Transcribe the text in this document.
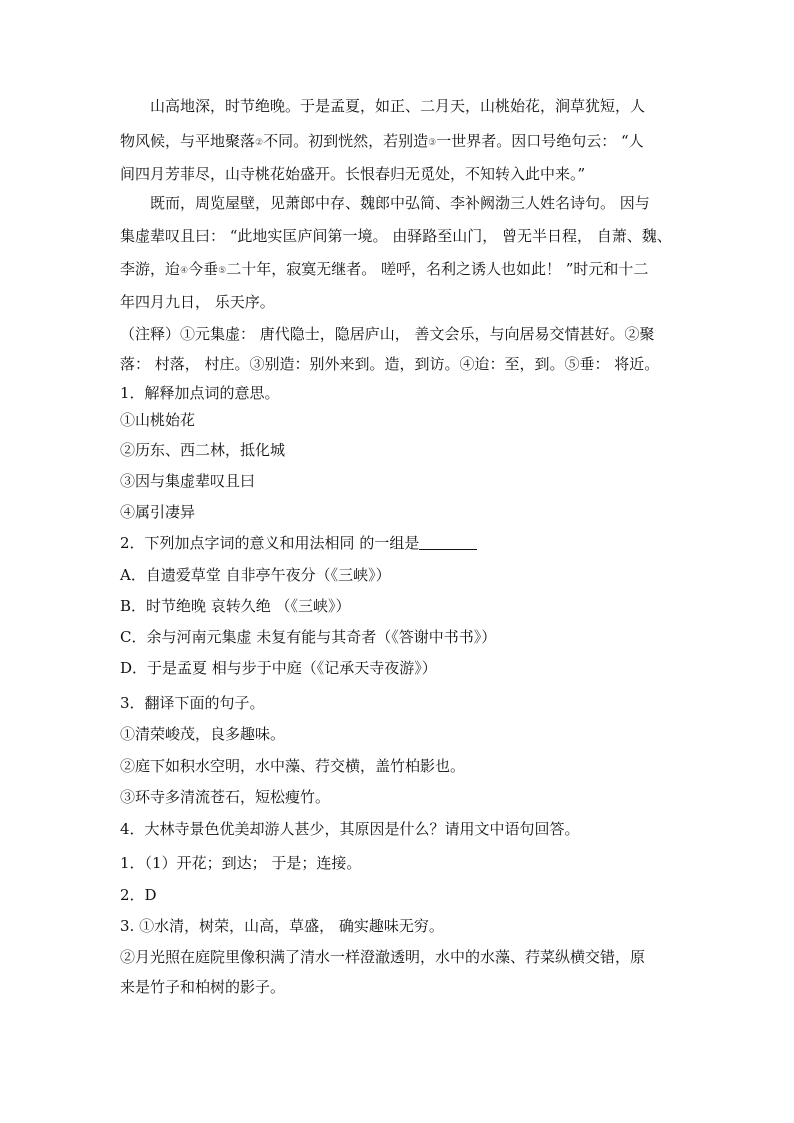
山高地深，时节绝晚。于是孟夏，如正、二月天，山桃始花，涧草犹短，人
物风候，与平地聚落②不同。初到恍然，若别造③一世界者。因口号绝句云： “人
间四月芳菲尽，山寺桃花始盛开。长恨春归无觅处，不知转入此中来。”
既而，周览屋壁，见萧郎中存、魏郎中弘简、李补阙渤三人姓名诗句。 因与
集虚辈叹且曰： “此地实匡庐间第一境。 由驿路至山门， 曾无半日程， 自萧、魏、
李游，迨④今垂⑤二十年，寂寞无继者。 嗟呼，名利之诱人也如此！ ”时元和十二
年四月九日， 乐天序。
（注释）①元集虚： 唐代隐士，隐居庐山， 善文会乐，与向居易交情甚好。②聚
落： 村落， 村庄。③别造：别外来到。造，到访。④迨：至，到。⑤垂： 将近。
1．解释加点词的意思。
①山桃始花
②历东、西二林，抵化城
③因与集虚辈叹且曰
④属引凄异
2．下列加点字词的意义和用法相同 的一组是
A．自遗爱草堂 自非亭午夜分（《三峡》）
B．时节绝晚 哀转久绝 （《三峡》）
C．余与河南元集虚 未复有能与其奇者（《答谢中书书》）
D．于是孟夏 相与步于中庭（《记承天寺夜游》）
3．翻译下面的句子。
①清荣峻茂，良多趣味。
②庭下如积水空明，水中藻、荇交横，盖竹柏影也。
③环寺多清流苍石，短松瘦竹。
4．大林寺景色优美却游人甚少，其原因是什么？请用文中语句回答。
1．（1）开花；到达； 于是；连接。
2．D
3. ①水清，树荣，山高，草盛， 确实趣味无穷。
②月光照在庭院里像积满了清水一样澄澈透明，水中的水藻、荇菜纵横交错，原
来是竹子和柏树的影子。
